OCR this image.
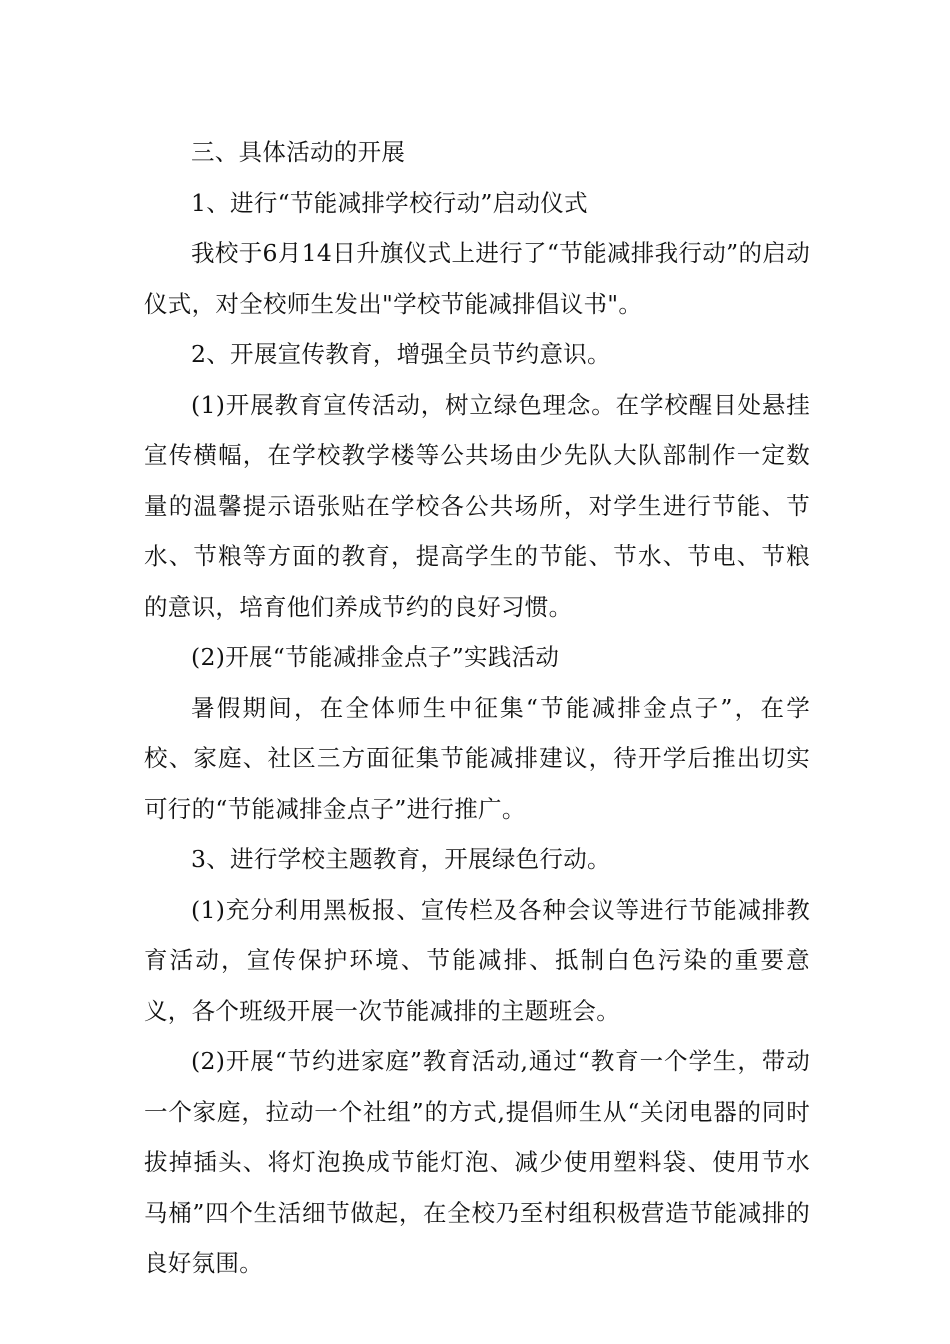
三、具体活动的开展

1、进行“节能减排学校行动”启动仪式

我校于6月14日升旗仪式上进行了“节能减排我行动”的启动仪式，对全校师生发出"学校节能减排倡议书"。

2、开展宣传教育，增强全员节约意识。

(1)开展教育宣传活动，树立绿色理念。在学校醒目处悬挂宣传横幅，在学校教学楼等公共场由少先队大队部制作一定数量的温馨提示语张贴在学校各公共场所，对学生进行节能、节水、节粮等方面的教育，提高学生的节能、节水、节电、节粮的意识，培育他们养成节约的良好习惯。

(2)开展“节能减排金点子”实践活动

暑假期间，在全体师生中征集“节能减排金点子”，在学校、家庭、社区三方面征集节能减排建议，待开学后推出切实可行的“节能减排金点子”进行推广。

3、进行学校主题教育，开展绿色行动。

(1)充分利用黑板报、宣传栏及各种会议等进行节能减排教育活动，宣传保护环境、节能减排、抵制白色污染的重要意义，各个班级开展一次节能减排的主题班会。

(2)开展“节约进家庭”教育活动,通过“教育一个学生，带动一个家庭，拉动一个社组”的方式,提倡师生从“关闭电器的同时拔掉插头、将灯泡换成节能灯泡、减少使用塑料袋、使用节水马桶”四个生活细节做起，在全校乃至村组积极营造节能减排的良好氛围。
